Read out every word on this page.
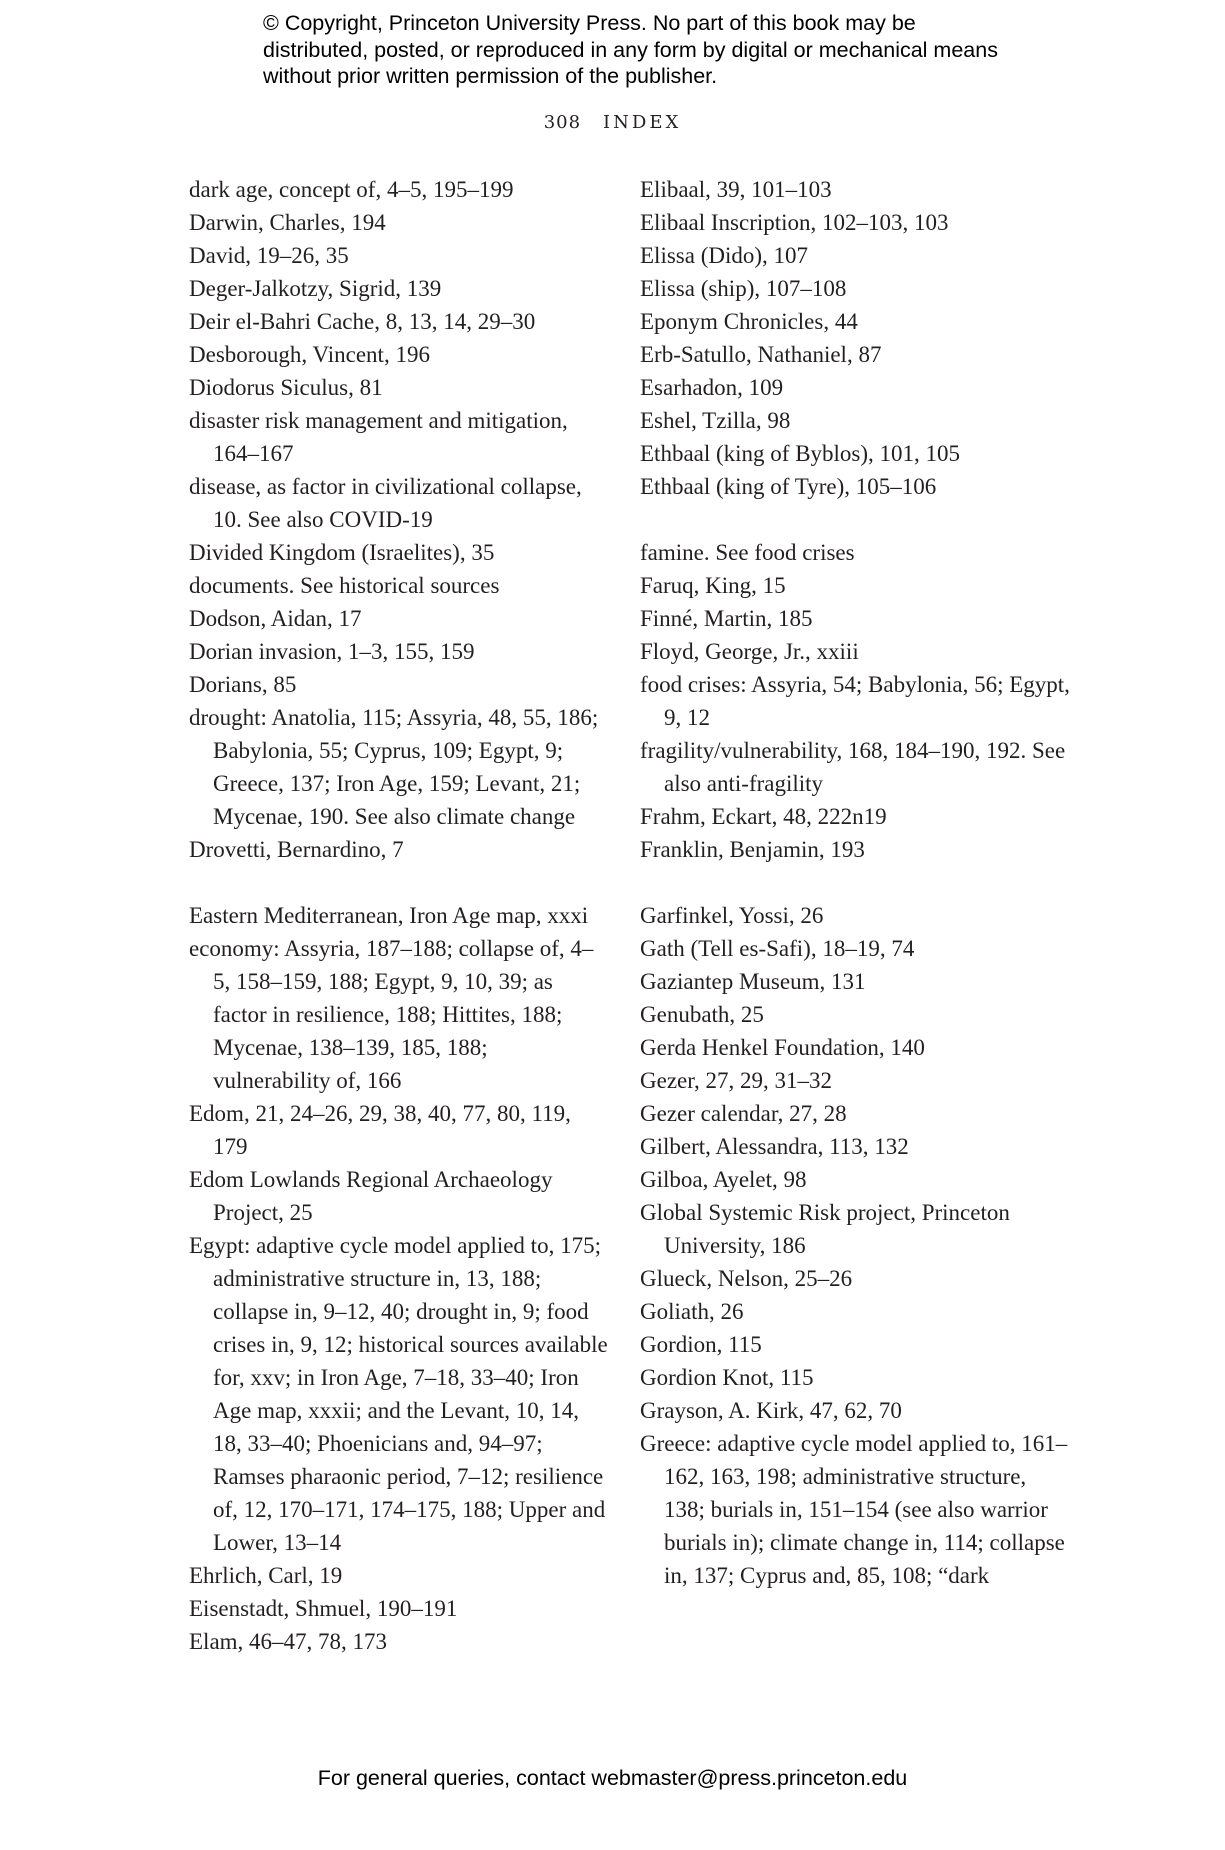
© Copyright, Princeton University Press. No part of this book may be distributed, posted, or reproduced in any form by digital or mechanical means without prior written permission of the publisher.
308 INDEX
dark age, concept of, 4–5, 195–199
Darwin, Charles, 194
David, 19–26, 35
Deger-Jalkotzy, Sigrid, 139
Deir el-Bahri Cache, 8, 13, 14, 29–30
Desborough, Vincent, 196
Diodorus Siculus, 81
disaster risk management and mitigation, 164–167
disease, as factor in civilizational collapse, 10. See also COVID-19
Divided Kingdom (Israelites), 35
documents. See historical sources
Dodson, Aidan, 17
Dorian invasion, 1–3, 155, 159
Dorians, 85
drought: Anatolia, 115; Assyria, 48, 55, 186; Babylonia, 55; Cyprus, 109; Egypt, 9; Greece, 137; Iron Age, 159; Levant, 21; Mycenae, 190. See also climate change
Drovetti, Bernardino, 7
Eastern Mediterranean, Iron Age map, xxxi
economy: Assyria, 187–188; collapse of, 4–5, 158–159, 188; Egypt, 9, 10, 39; as factor in resilience, 188; Hittites, 188; Mycenae, 138–139, 185, 188; vulnerability of, 166
Edom, 21, 24–26, 29, 38, 40, 77, 80, 119, 179
Edom Lowlands Regional Archaeology Project, 25
Egypt: adaptive cycle model applied to, 175; administrative structure in, 13, 188; collapse in, 9–12, 40; drought in, 9; food crises in, 9, 12; historical sources available for, xxv; in Iron Age, 7–18, 33–40; Iron Age map, xxxii; and the Levant, 10, 14, 18, 33–40; Phoenicians and, 94–97; Ramses pharaonic period, 7–12; resilience of, 12, 170–171, 174–175, 188; Upper and Lower, 13–14
Ehrlich, Carl, 19
Eisenstadt, Shmuel, 190–191
Elam, 46–47, 78, 173
Elibaal, 39, 101–103
Elibaal Inscription, 102–103, 103
Elissa (Dido), 107
Elissa (ship), 107–108
Eponym Chronicles, 44
Erb-Satullo, Nathaniel, 87
Esarhadon, 109
Eshel, Tzilla, 98
Ethbaal (king of Byblos), 101, 105
Ethbaal (king of Tyre), 105–106
famine. See food crises
Faruq, King, 15
Finné, Martin, 185
Floyd, George, Jr., xxiii
food crises: Assyria, 54; Babylonia, 56; Egypt, 9, 12
fragility/vulnerability, 168, 184–190, 192. See also anti-fragility
Frahm, Eckart, 48, 222n19
Franklin, Benjamin, 193
Garfinkel, Yossi, 26
Gath (Tell es-Safi), 18–19, 74
Gaziantep Museum, 131
Genubath, 25
Gerda Henkel Foundation, 140
Gezer, 27, 29, 31–32
Gezer calendar, 27, 28
Gilbert, Alessandra, 113, 132
Gilboa, Ayelet, 98
Global Systemic Risk project, Princeton University, 186
Glueck, Nelson, 25–26
Goliath, 26
Gordion, 115
Gordion Knot, 115
Grayson, A. Kirk, 47, 62, 70
Greece: adaptive cycle model applied to, 161–162, 163, 198; administrative structure, 138; burials in, 151–154 (see also warrior burials in); climate change in, 114; collapse in, 137; Cyprus and, 85, 108; “dark
For general queries, contact webmaster@press.princeton.edu
